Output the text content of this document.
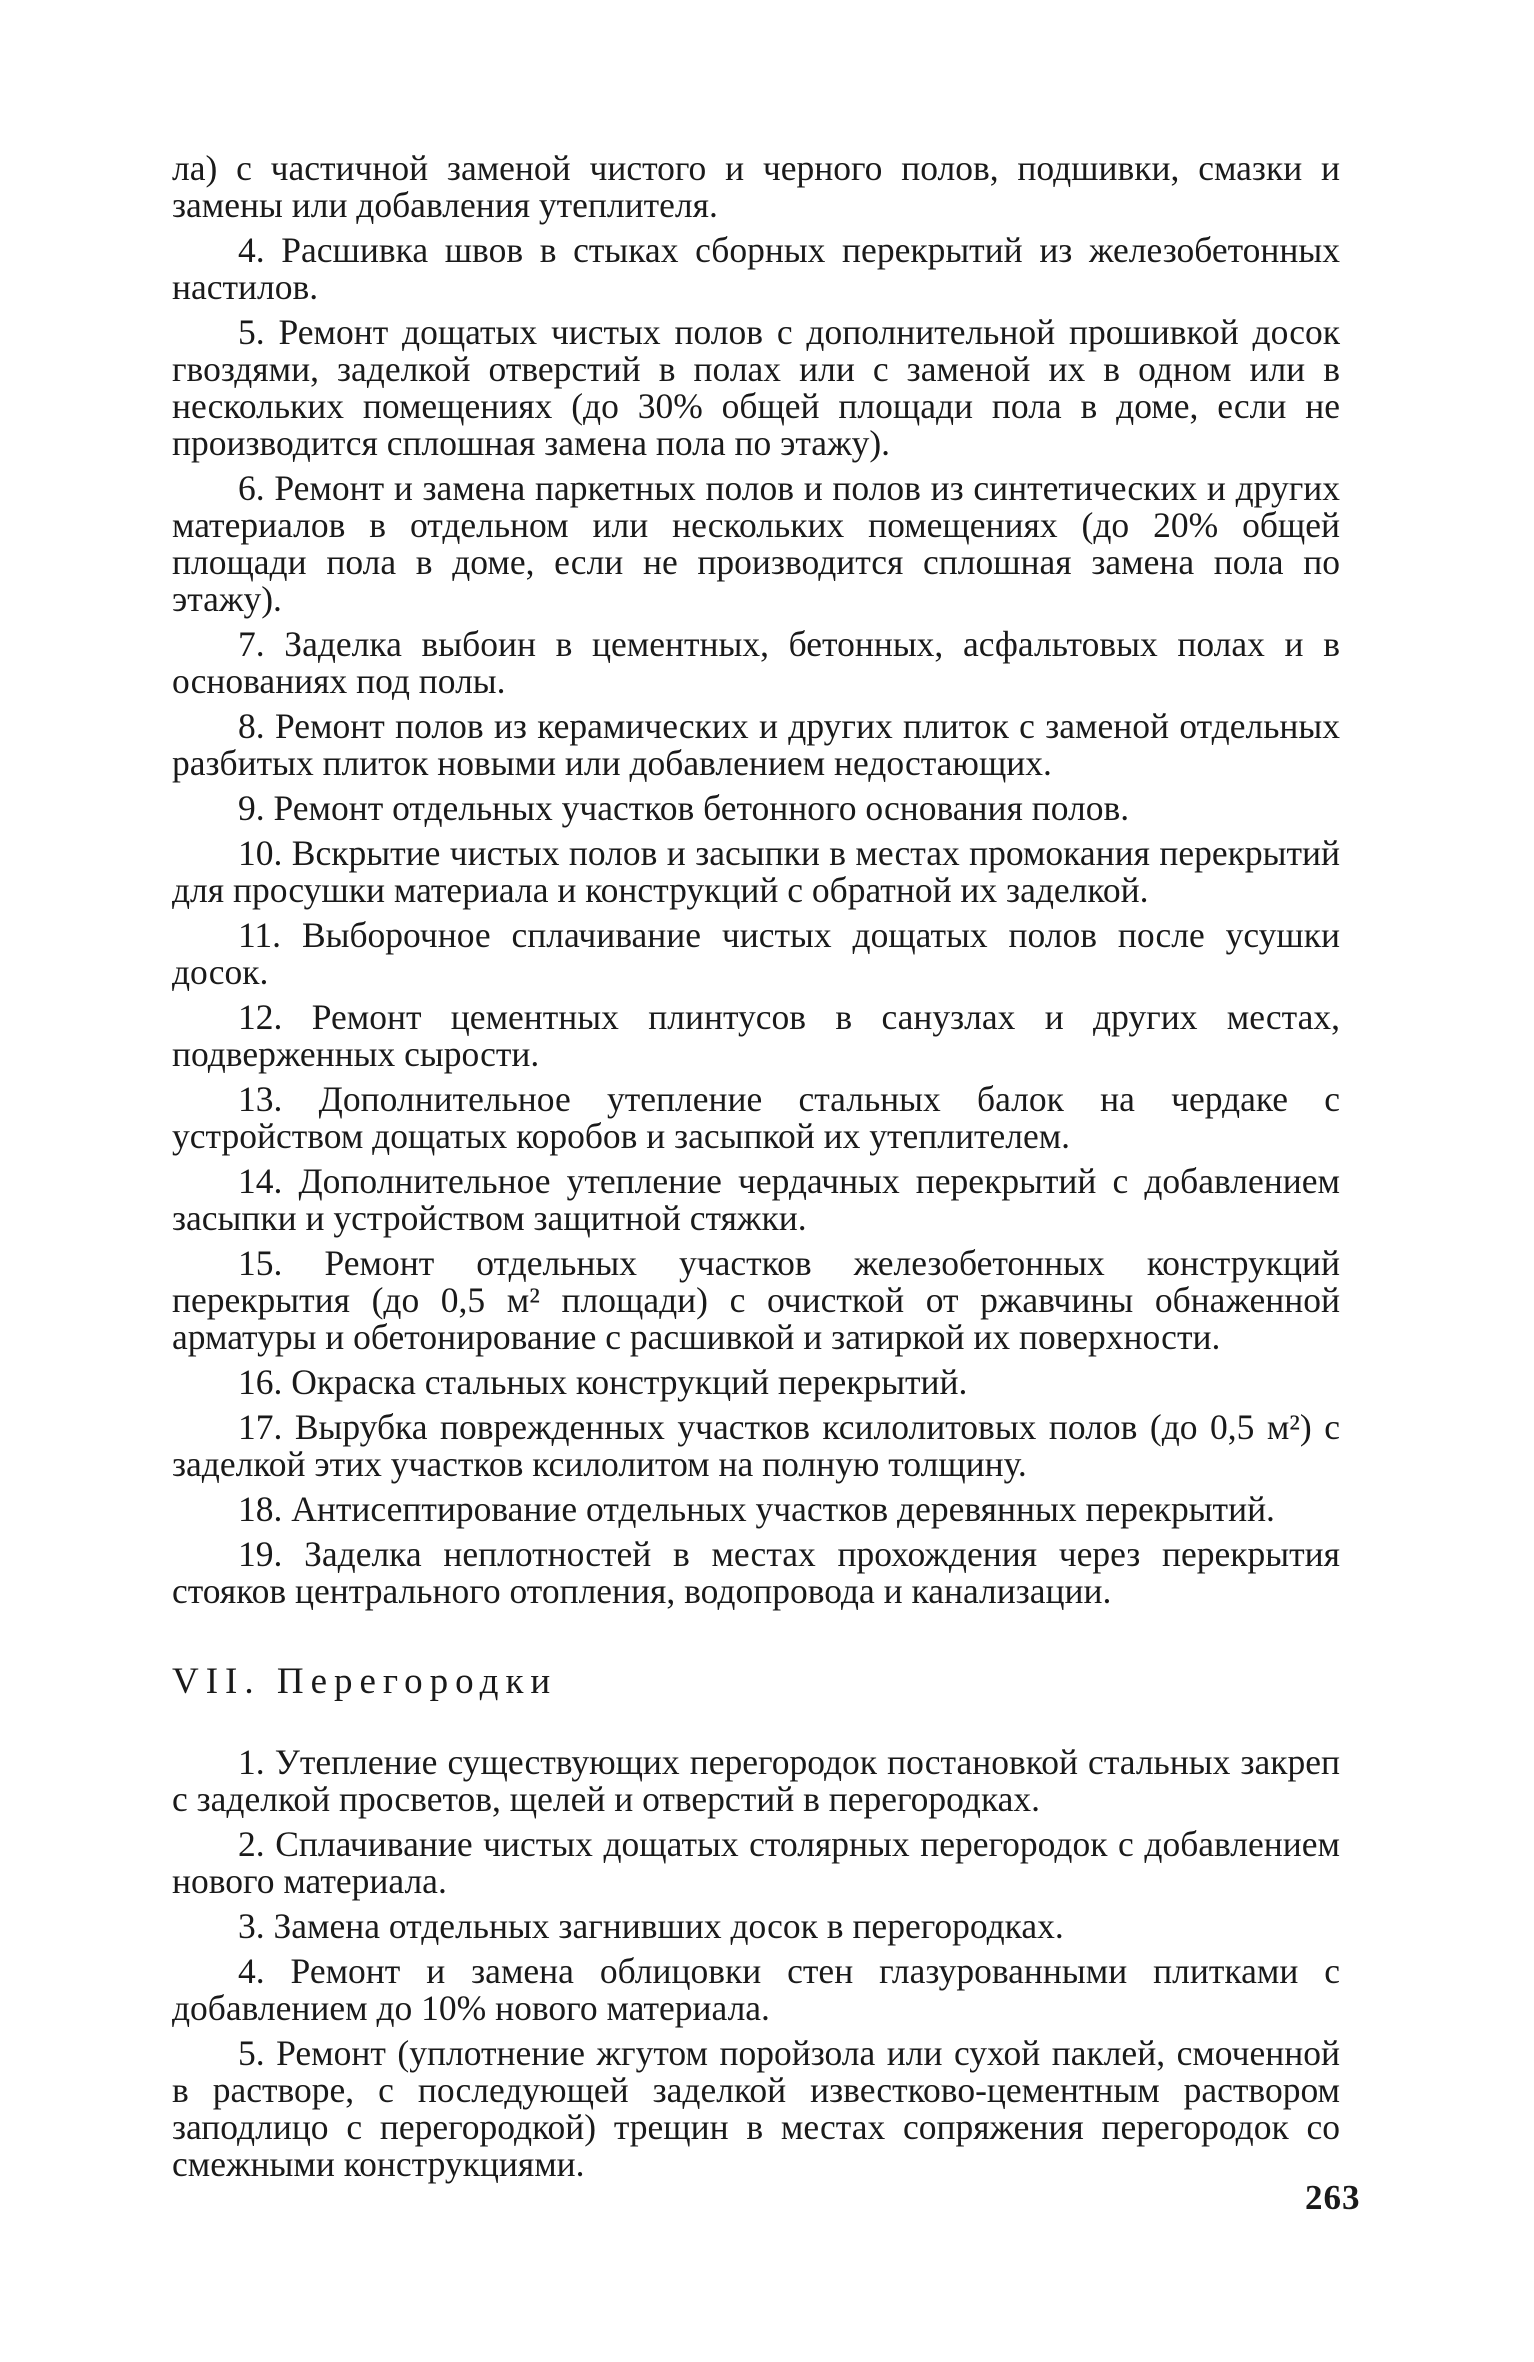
ла) с частичной заменой чистого и черного полов, подшивки, смазки и замены или добавления утеплителя.

4. Расшивка швов в стыках сборных перекрытий из железобетонных настилов.

5. Ремонт дощатых чистых полов с дополнительной прошивкой досок гвоздями, заделкой отверстий в полах или с заменой их в одном или в нескольких помещениях (до 30% общей площади пола в доме, если не производится сплошная замена пола по этажу).

6. Ремонт и замена паркетных полов и полов из синтетических и других материалов в отдельном или нескольких помещениях (до 20% общей площади пола в доме, если не производится сплошная замена пола по этажу).

7. Заделка выбоин в цементных, бетонных, асфальтовых полах и в основаниях под полы.

8. Ремонт полов из керамических и других плиток с заменой отдельных разбитых плиток новыми или добавлением недостающих.

9. Ремонт отдельных участков бетонного основания полов.

10. Вскрытие чистых полов и засыпки в местах промокания перекрытий для просушки материала и конструкций с обратной их заделкой.

11. Выборочное сплачивание чистых дощатых полов после усушки досок.

12. Ремонт цементных плинтусов в санузлах и других местах, подверженных сырости.

13. Дополнительное утепление стальных балок на чердаке с устройством дощатых коробов и засыпкой их утеплителем.

14. Дополнительное утепление чердачных перекрытий с добавлением засыпки и устройством защитной стяжки.

15. Ремонт отдельных участков железобетонных конструкций перекрытия (до 0,5 м² площади) с очисткой от ржавчины обнаженной арматуры и обетонирование с расшивкой и затиркой их поверхности.

16. Окраска стальных конструкций перекрытий.

17. Вырубка поврежденных участков ксилолитовых полов (до 0,5 м²) с заделкой этих участков ксилолитом на полную толщину.

18. Антисептирование отдельных участков деревянных перекрытий.

19. Заделка неплотностей в местах прохождения через перекрытия стояков центрального отопления, водопровода и канализации.

VII. Перегородки

1. Утепление существующих перегородок постановкой стальных закреп с заделкой просветов, щелей и отверстий в перегородках.

2. Сплачивание чистых дощатых столярных перегородок с добавлением нового материала.

3. Замена отдельных загнивших досок в перегородках.

4. Ремонт и замена облицовки стен глазурованными плитками с добавлением до 10% нового материала.

5. Ремонт (уплотнение жгутом поройзола или сухой паклей, смоченной в растворе, с последующей заделкой известково-цементным раствором заподлицо с перегородкой) трещин в местах сопряжения перегородок со смежными конструкциями.

263
